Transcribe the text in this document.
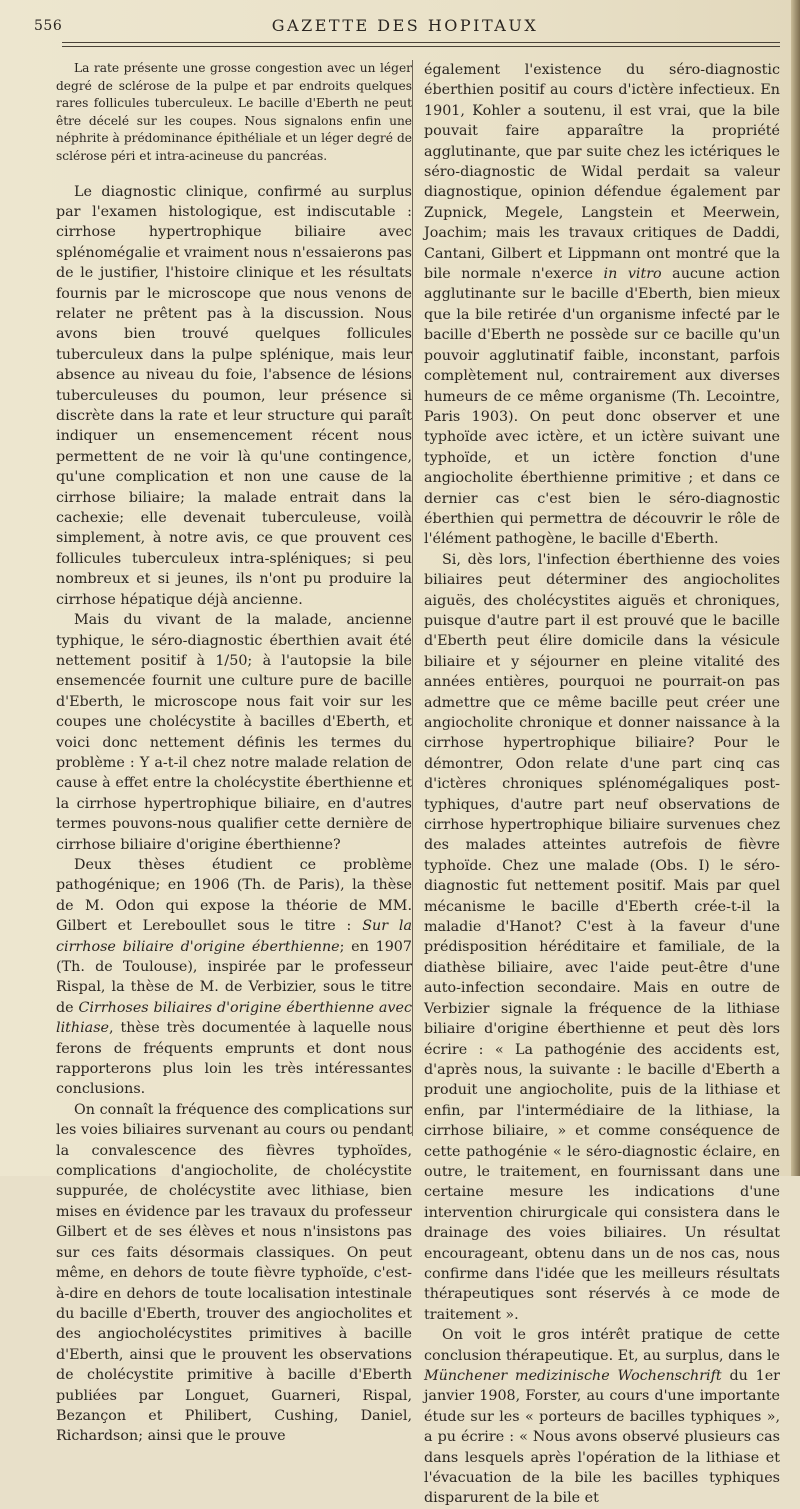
556	GAZETTE DES HOPITAUX

La rate présente une grosse congestion avec un léger degré de sclérose de la pulpe et par endroits quelques rares follicules tuberculeux. Le bacille d'Eberth ne peut être décelé sur les coupes. Nous signalons enfin une néphrite à prédominance épithéliale et un léger degré de sclérose péri et intra-acineuse du pancréas.

Le diagnostic clinique, confirmé au surplus par l'examen histologique, est indiscutable : cirrhose hypertrophique biliaire avec splénomégalie et vraiment nous n'essaierons pas de le justifier, l'histoire clinique et les résultats fournis par le microscope que nous venons de relater ne prêtent pas à la discussion. Nous avons bien trouvé quelques follicules tuberculeux dans la pulpe splénique, mais leur absence au niveau du foie, l'absence de lésions tuberculeuses du poumon, leur présence si discrète dans la rate et leur structure qui paraît indiquer un ensemencement récent nous permettent de ne voir là qu'une contingence, qu'une complication et non une cause de la cirrhose biliaire; la malade entrait dans la cachexie; elle devenait tuberculeuse, voilà simplement, à notre avis, ce que prouvent ces follicules tuberculeux intra-spléniques; si peu nombreux et si jeunes, ils n'ont pu produire la cirrhose hépatique déjà ancienne.

Mais du vivant de la malade, ancienne typhique, le séro-diagnostic éberthien avait été nettement positif à 1/50; à l'autopsie la bile ensemencée fournit une culture pure de bacille d'Eberth, le microscope nous fait voir sur les coupes une cholécystite à bacilles d'Eberth, et voici donc nettement définis les termes du problème : Y a-t-il chez notre malade relation de cause à effet entre la cholécystite éberthienne et la cirrhose hypertrophique biliaire, en d'autres termes pouvons-nous qualifier cette dernière de cirrhose biliaire d'origine éberthienne?

Deux thèses étudient ce problème pathogénique; en 1906 (Th. de Paris), la thèse de M. Odon qui expose la théorie de MM. Gilbert et Lereboullet sous le titre : Sur la cirrhose biliaire d'origine éberthienne; en 1907 (Th. de Toulouse), inspirée par le professeur Rispal, la thèse de M. de Verbizier, sous le titre de Cirrhoses biliaires d'origine éberthienne avec lithiase, thèse très documentée à laquelle nous ferons de fréquents emprunts et dont nous rapporterons plus loin les très intéressantes conclusions.

On connaît la fréquence des complications sur les voies biliaires survenant au cours ou pendant la convalescence des fièvres typhoïdes, complications d'angiocholite, de cholécystite suppurée, de cholécystite avec lithiase, bien mises en évidence par les travaux du professeur Gilbert et de ses élèves et nous n'insistons pas sur ces faits désormais classiques. On peut même, en dehors de toute fièvre typhoïde, c'est-à-dire en dehors de toute localisation intestinale du bacille d'Eberth, trouver des angiocholites et des angiocholécystites primitives à bacille d'Eberth, ainsi que le prouvent les observations de cholécystite primitive à bacille d'Eberth publiées par Longuet, Guarneri, Rispal, Bezançon et Philibert, Cushing, Daniel, Richardson; ainsi que le prouve

également l'existence du séro-diagnostic éberthien positif au cours d'ictère infectieux. En 1901, Kohler a soutenu, il est vrai, que la bile pouvait faire apparaître la propriété agglutinante, que par suite chez les ictériques le séro-diagnostic de Widal perdait sa valeur diagnostique, opinion défendue également par Zupnick, Megele, Langstein et Meerwein, Joachim; mais les travaux critiques de Daddi, Cantani, Gilbert et Lippmann ont montré que la bile normale n'exerce in vitro aucune action agglutinante sur le bacille d'Eberth, bien mieux que la bile retirée d'un organisme infecté par le bacille d'Eberth ne possède sur ce bacille qu'un pouvoir agglutinatif faible, inconstant, parfois complètement nul, contrairement aux diverses humeurs de ce même organisme (Th. Lecointre, Paris 1903). On peut donc observer et une typhoïde avec ictère, et un ictère suivant une typhoïde, et un ictère fonction d'une angiocholite éberthienne primitive ; et dans ce dernier cas c'est bien le séro-diagnostic éberthien qui permettra de découvrir le rôle de l'élément pathogène, le bacille d'Eberth.

Si, dès lors, l'infection éberthienne des voies biliaires peut déterminer des angiocholites aiguës, des cholécystites aiguës et chroniques, puisque d'autre part il est prouvé que le bacille d'Eberth peut élire domicile dans la vésicule biliaire et y séjourner en pleine vitalité des années entières, pourquoi ne pourrait-on pas admettre que ce même bacille peut créer une angiocholite chronique et donner naissance à la cirrhose hypertrophique biliaire? Pour le démontrer, Odon relate d'une part cinq cas d'ictères chroniques splénomégaliques post-typhiques, d'autre part neuf observations de cirrhose hypertrophique biliaire survenues chez des malades atteintes autrefois de fièvre typhoïde. Chez une malade (Obs. I) le séro-diagnostic fut nettement positif. Mais par quel mécanisme le bacille d'Eberth crée-t-il la maladie d'Hanot? C'est à la faveur d'une prédisposition héréditaire et familiale, de la diathèse biliaire, avec l'aide peut-être d'une auto-infection secondaire. Mais en outre de Verbizier signale la fréquence de la lithiase biliaire d'origine éberthienne et peut dès lors écrire : « La pathogénie des accidents est, d'après nous, la suivante : le bacille d'Eberth a produit une angiocholite, puis de la lithiase et enfin, par l'intermédiaire de la lithiase, la cirrhose biliaire, » et comme conséquence de cette pathogénie « le séro-diagnostic éclaire, en outre, le traitement, en fournissant dans une certaine mesure les indications d'une intervention chirurgicale qui consistera dans le drainage des voies biliaires. Un résultat encourageant, obtenu dans un de nos cas, nous confirme dans l'idée que les meilleurs résultats thérapeutiques sont réservés à ce mode de traitement ».

On voit le gros intérêt pratique de cette conclusion thérapeutique. Et, au surplus, dans le Münchener medizinische Wochenschrift du 1er janvier 1908, Forster, au cours d'une importante étude sur les « porteurs de bacilles typhiques », a pu écrire : « Nous avons observé plusieurs cas dans lesquels après l'opération de la lithiase et l'évacuation de la bile les bacilles typhiques disparurent de la bile et
